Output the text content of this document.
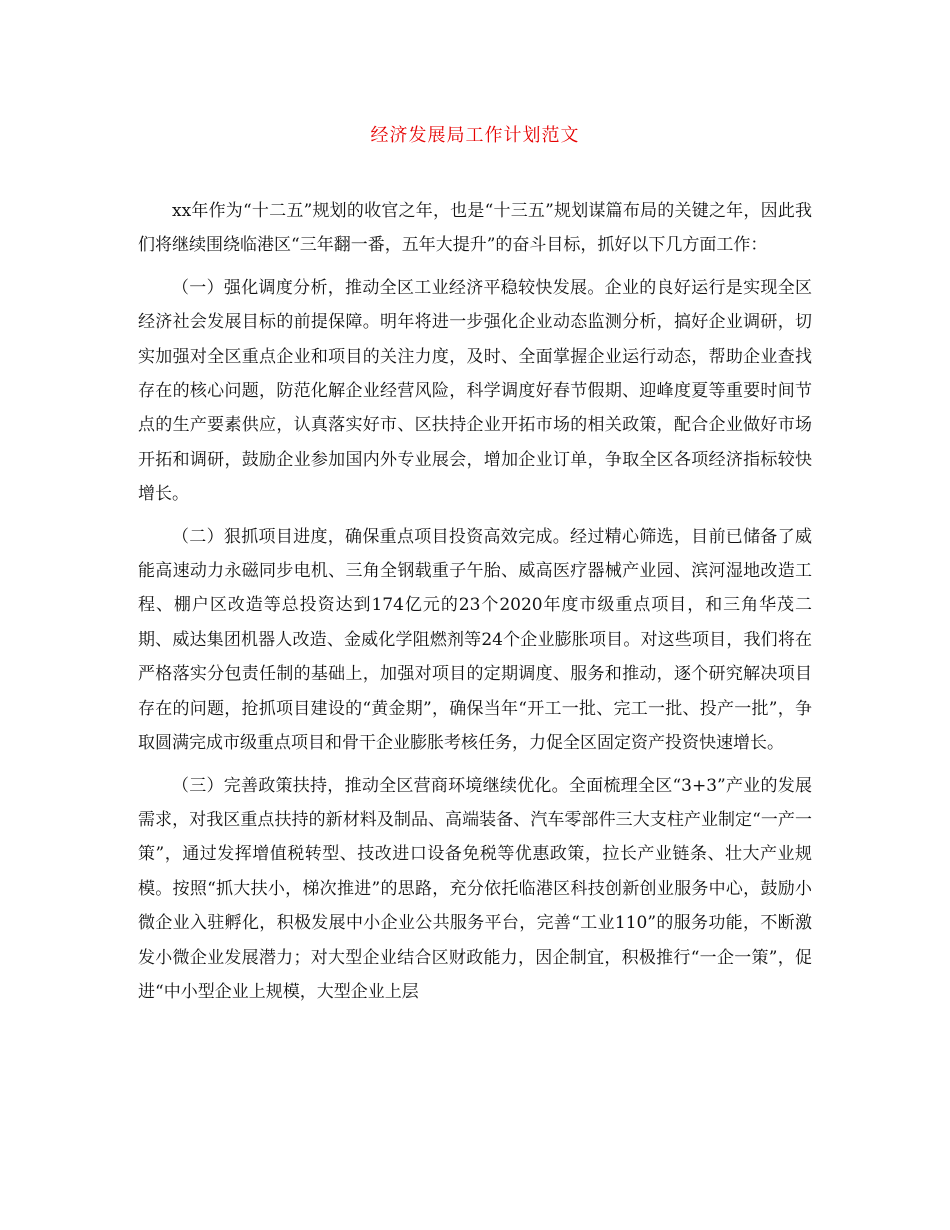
经济发展局工作计划范文

xx年作为“十二五”规划的收官之年，也是“十三五”规划谋篇布局的关键之年，因此我们将继续围绕临港区“三年翻一番，五年大提升”的奋斗目标，抓好以下几方面工作：

（一）强化调度分析，推动全区工业经济平稳较快发展。企业的良好运行是实现全区经济社会发展目标的前提保障。明年将进一步强化企业动态监测分析，搞好企业调研，切实加强对全区重点企业和项目的关注力度，及时、全面掌握企业运行动态，帮助企业查找存在的核心问题，防范化解企业经营风险，科学调度好春节假期、迎峰度夏等重要时间节点的生产要素供应，认真落实好市、区扶持企业开拓市场的相关政策，配合企业做好市场开拓和调研，鼓励企业参加国内外专业展会，增加企业订单，争取全区各项经济指标较快增长。

（二）狠抓项目进度，确保重点项目投资高效完成。经过精心筛选，目前已储备了威能高速动力永磁同步电机、三角全钢载重子午胎、威高医疗器械产业园、滨河湿地改造工程、棚户区改造等总投资达到174亿元的23个2020年度市级重点项目，和三角华茂二期、威达集团机器人改造、金威化学阻燃剂等24个企业膨胀项目。对这些项目，我们将在严格落实分包责任制的基础上，加强对项目的定期调度、服务和推动，逐个研究解决项目存在的问题，抢抓项目建设的“黄金期”，确保当年“开工一批、完工一批、投产一批”，争取圆满完成市级重点项目和骨干企业膨胀考核任务，力促全区固定资产投资快速增长。

（三）完善政策扶持，推动全区营商环境继续优化。全面梳理全区“3+3”产业的发展需求，对我区重点扶持的新材料及制品、高端装备、汽车零部件三大支柱产业制定“一产一策”，通过发挥增值税转型、技改进口设备免税等优惠政策，拉长产业链条、壮大产业规模。按照“抓大扶小，梯次推进”的思路，充分依托临港区科技创新创业服务中心，鼓励小微企业入驻孵化，积极发展中小企业公共服务平台，完善“工业110”的服务功能，不断激发小微企业发展潜力；对大型企业结合区财政能力，因企制宜，积极推行“一企一策”，促进“中小型企业上规模，大型企业上层
